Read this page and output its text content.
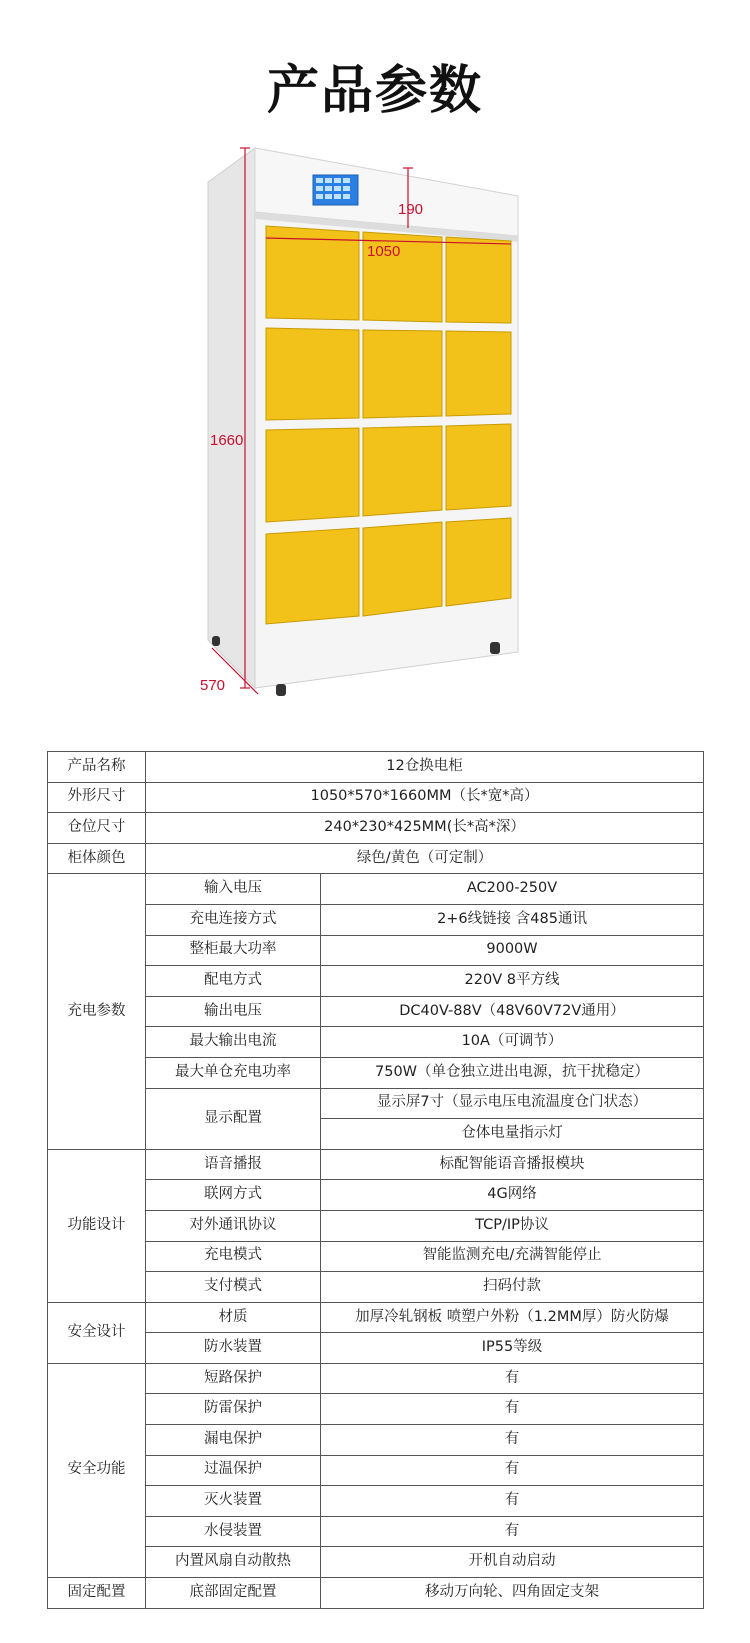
产品参数
190
1050
1660
570
产品名称	12仓换电柜	
外形尺寸	1050*570*1660MM（长*宽*高）	
仓位尺寸	240*230*425MM(长*高*深）	
柜体颜色	绿色/黄色（可定制）	
充电参数	输入电压	AC200-250V
	充电连接方式	2+6线链接 含485通讯
	整柜最大功率	9000W
	配电方式	220V 8平方线
	输出电压	DC40V-88V（48V60V72V通用）
	最大输出电流	10A（可调节）
	最大单仓充电功率	750W（单仓独立进出电源，抗干扰稳定）
	显示配置	显示屏7寸（显示电压电流温度仓门状态）
		仓体电量指示灯
功能设计	语音播报	标配智能语音播报模块
	联网方式	4G网络
	对外通讯协议	TCP/IP协议
	充电模式	智能监测充电/充满智能停止
	支付模式	扫码付款
安全设计	材质	加厚冷轧钢板 喷塑户外粉（1.2MM厚）防火防爆
	防水装置	IP55等级
安全功能	短路保护	有
	防雷保护	有
	漏电保护	有
	过温保护	有
	灭火装置	有
	水侵装置	有
	内置风扇自动散热	开机自动启动
固定配置	底部固定配置	移动万向轮、四角固定支架
